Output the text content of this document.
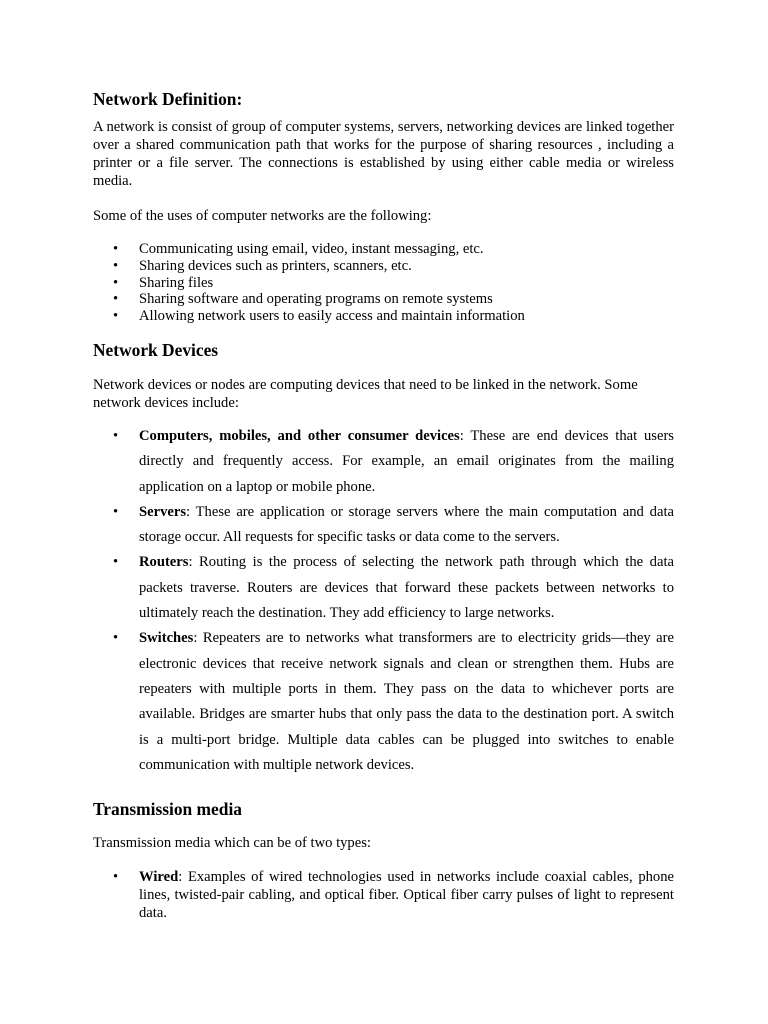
Network Definition:

A network is consist of group of computer systems, servers, networking devices are linked together over a shared communication path that works for the purpose of sharing resources , including a printer or a file server. The connections is established by using either cable media or wireless media.

Some of the uses of computer networks are the following:

• Communicating using email, video, instant messaging, etc.
• Sharing devices such as printers, scanners, etc.
• Sharing files
• Sharing software and operating programs on remote systems
• Allowing network users to easily access and maintain information
Network Devices

Network devices or nodes are computing devices that need to be linked in the network. Some network devices include:

• Computers, mobiles, and other consumer devices: These are end devices that users directly and frequently access. For example, an email originates from the mailing application on a laptop or mobile phone.
• Servers: These are application or storage servers where the main computation and data storage occur. All requests for specific tasks or data come to the servers.
• Routers: Routing is the process of selecting the network path through which the data packets traverse. Routers are devices that forward these packets between networks to ultimately reach the destination. They add efficiency to large networks.
• Switches: Repeaters are to networks what transformers are to electricity grids—they are electronic devices that receive network signals and clean or strengthen them. Hubs are repeaters with multiple ports in them. They pass on the data to whichever ports are available. Bridges are smarter hubs that only pass the data to the destination port. A switch is a multi-port bridge. Multiple data cables can be plugged into switches to enable communication with multiple network devices.
Transmission media

Transmission media which can be of two types:

• Wired: Examples of wired technologies used in networks include coaxial cables, phone lines, twisted-pair cabling, and optical fiber. Optical fiber carry pulses of light to represent data.
